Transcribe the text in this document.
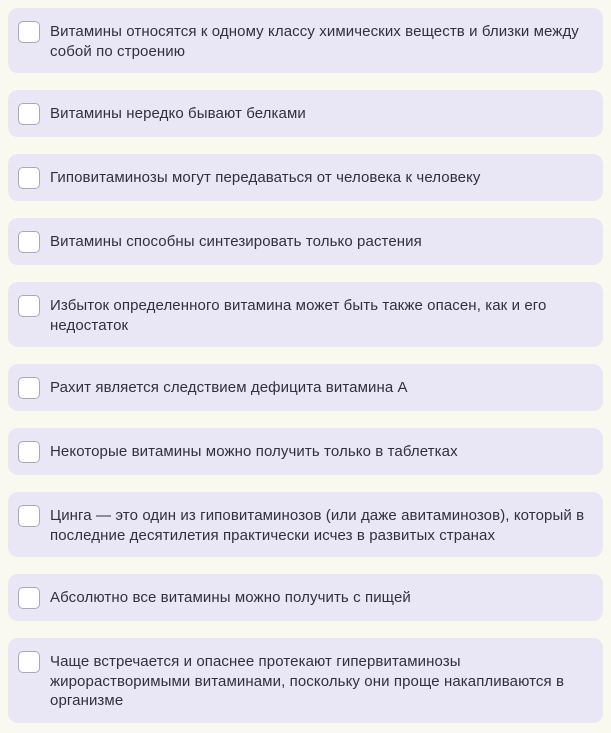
Витамины относятся к одному классу химических веществ и близки между собой по строению
Витамины нередко бывают белками
Гиповитаминозы могут передаваться от человека к человеку
Витамины способны синтезировать только растения
Избыток определенного витамина может быть также опасен, как и его недостаток
Рахит является следствием дефицита витамина А
Некоторые витамины можно получить только в таблетках
Цинга — это один из гиповитаминозов (или даже авитаминозов), который в последние десятилетия практически исчез в развитых странах
Абсолютно все витамины можно получить с пищей
Чаще встречается и опаснее протекают гипервитаминозы жирорастворимыми витаминами, поскольку они проще накапливаются в организме
